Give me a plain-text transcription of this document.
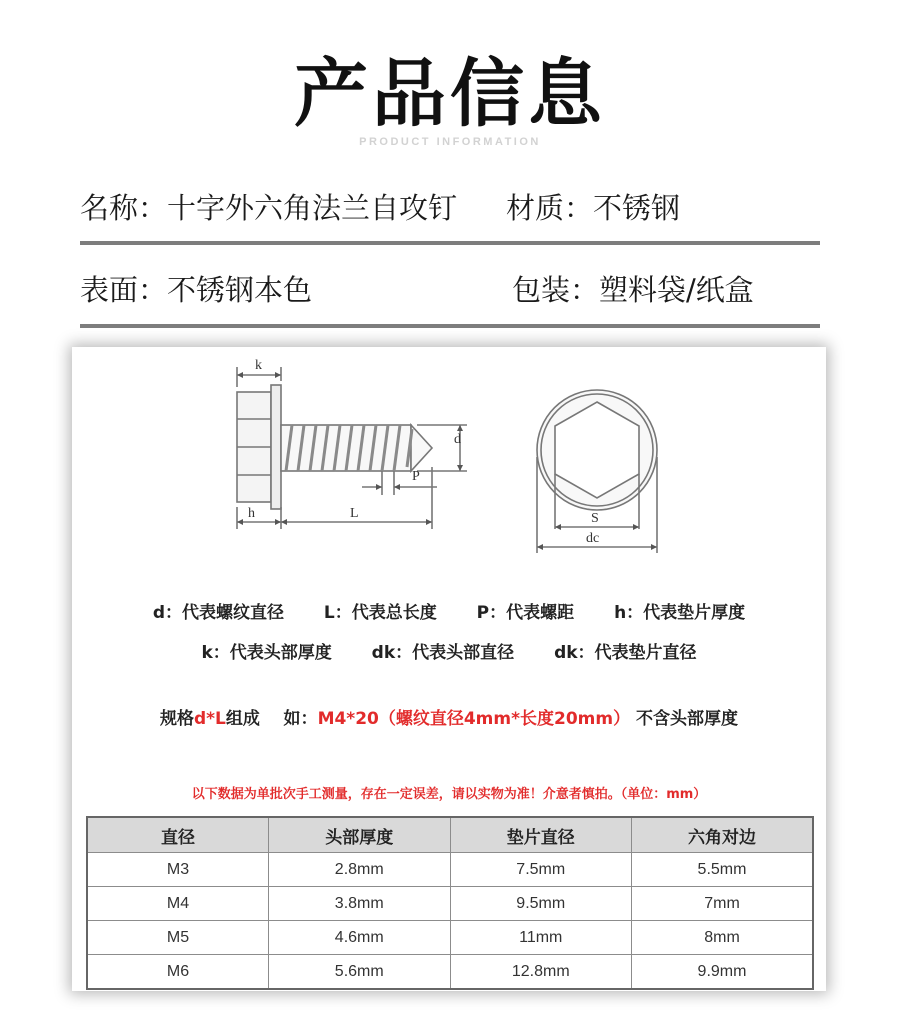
产品信息
PRODUCT INFORMATION
名称：十字外六角法兰自攻钉 材质：不锈钢
表面：不锈钢本色	包装：塑料袋/纸盒
k
d
P
h	L	S
dc
d：代表螺纹直径 L：代表总长度 P：代表螺距 h：代表垫片厚度
k：代表头部厚度 dk：代表头部直径 dk：代表垫片直径
规格d*L组成    如：M4*20（螺纹直径4mm*长度20mm） 不含头部厚度
以下数据为单批次手工测量，存在一定误差，请以实物为准！介意者慎拍。（单位：mm）
直径	头部厚度	垫片直径	六角对边
M3	2.8mm	7.5mm	5.5mm
M4	3.8mm	9.5mm	7mm
M5	4.6mm	11mm	8mm
M6	5.6mm	12.8mm	9.9mm
